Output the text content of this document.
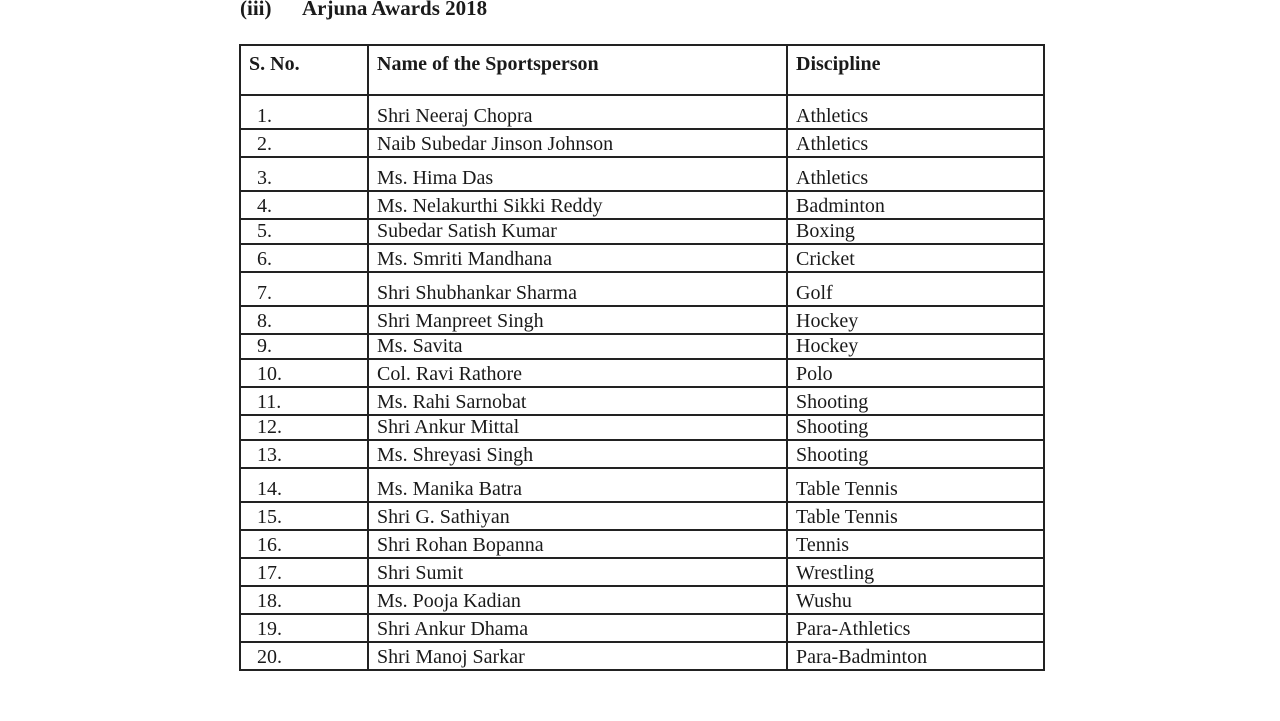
(iii) Arjuna Awards 2018
S. No.	Name of the Sportsperson	Discipline
1.	Shri Neeraj Chopra	Athletics
2.	Naib Subedar Jinson Johnson	Athletics
3.	Ms. Hima Das	Athletics
4.	Ms. Nelakurthi Sikki Reddy	Badminton
5.	Subedar Satish Kumar	Boxing
6.	Ms. Smriti Mandhana	Cricket
7.	Shri Shubhankar Sharma	Golf
8.	Shri Manpreet Singh	Hockey
9.	Ms. Savita	Hockey
10.	Col. Ravi Rathore	Polo
11.	Ms. Rahi Sarnobat	Shooting
12.	Shri Ankur Mittal	Shooting
13.	Ms. Shreyasi Singh	Shooting
14.	Ms. Manika Batra	Table Tennis
15.	Shri G. Sathiyan	Table Tennis
16.	Shri Rohan Bopanna	Tennis
17.	Shri Sumit	Wrestling
18.	Ms. Pooja Kadian	Wushu
19.	Shri Ankur Dhama	Para-Athletics
20.	Shri Manoj Sarkar	Para-Badminton
